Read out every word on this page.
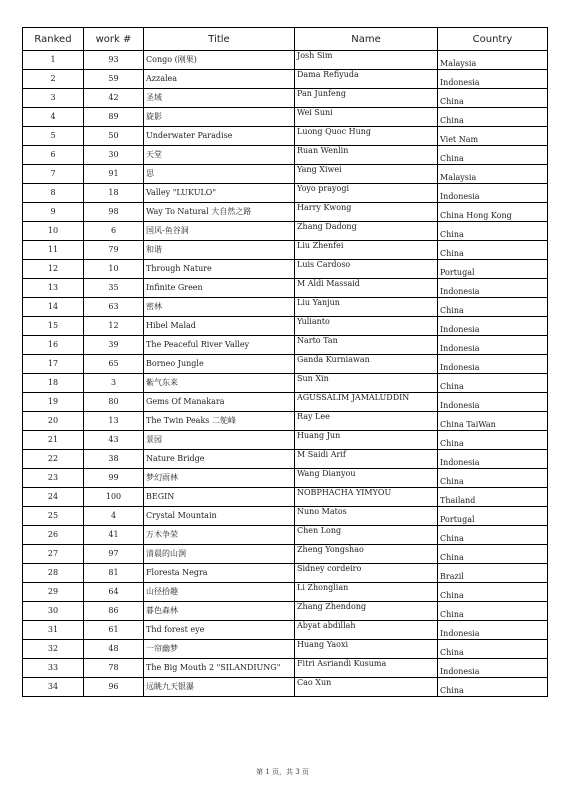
Ranked	work #	Title	Name	Country
1	93	Congo (刚果)	Josh Sim	Malaysia
2	59	Azzalea	Dama Refiyuda	Indonesia
3	42	圣域	Pan Junfeng	China
4	89	旋影	Wei Suni	China
5	50	Underwater Paradise	Luong Quoc Hung	Viet Nam
6	30	天堂	Ruan Wenlin	China
7	91	思	Yang Xiwei	Malaysia
8	18	Valley "LUKULO"	Yoyo prayogi	Indonesia
9	98	Way To Natural 大自然之路	Harry Kwong	China Hong Kong
10	6	国风-鱼谷洞	Zhang Dadong	China
11	79	和谐	Liu Zhenfei	China
12	10	Through Nature	Luis Cardoso	Portugal
13	35	Infinite Green	M Aldi Massaid	Indonesia
14	63	密林	Liu Yanjun	China
15	12	Hibel Malad	Yulianto	Indonesia
16	39	The Peaceful River Valley	Narto Tan	Indonesia
17	65	Borneo Jungle	Ganda Kurniawan	Indonesia
18	3	紫气东来	Sun Xin	China
19	80	Gems Of Manakara	AGUSSALIM JAMALUDDIN	Indonesia
20	13	The Twin Peaks 二鸵峰	Ray Lee	China TaiWan
21	43	景园	Huang Jun	China
22	38	Nature Bridge	M Saidi Arif	Indonesia
23	99	梦幻雨林	Wang Dianyou	China
24	100	BEGIN	NOBPHACHA YIMYOU	Thailand
25	4	Crystal Mountain	Nuno Matos	Portugal
26	41	万木争荣	Chen Long	China
27	97	清晨的山涧	Zheng Yongshao	China
28	81	Floresta Negra	Sidney cordeiro	Brazil
29	64	山径拾趣	Li Zhonglian	China
30	86	暮色森林	Zhang Zhendong	China
31	61	Thd forest eye	Abyat abdillah	Indonesia
32	48	一帘幽梦	Huang Yaoxi	China
33	78	The Big Mouth 2 "SILANDIUNG"	Fitri Asriandi Kusuma	Indonesia
34	96	远眺九天银瀑	Cao Xun	China
第 1 页，共 3 页
